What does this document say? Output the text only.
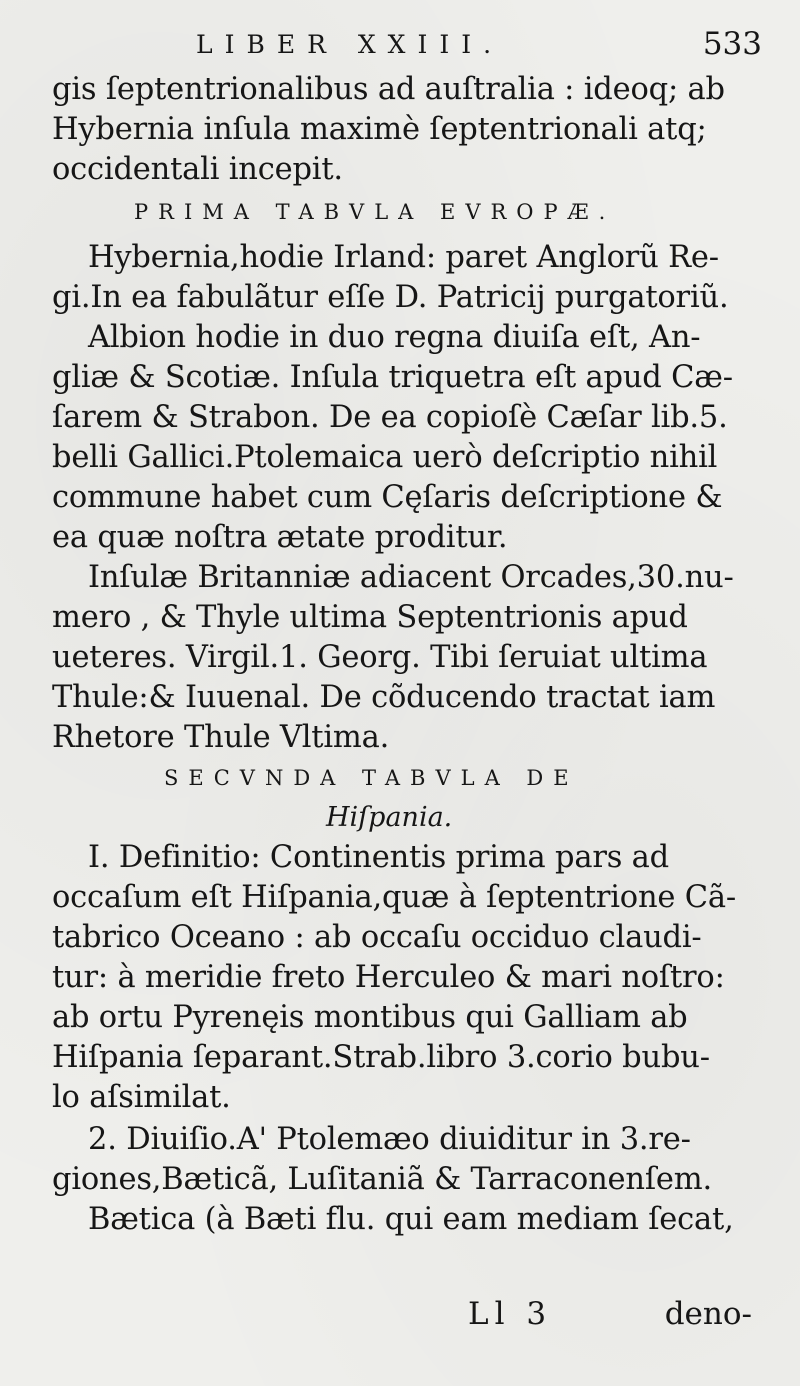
LIBER XXIII.	533
gis ſeptentrionalibus ad auſtralia : ideoq; ab
Hybernia inſula maximè ſeptentrionali atq;
occidentali incepit.
PRIMA TABVLA EVROPÆ.
Hybernia,hodie Irland: paret Anglorũ Re-
gi.In ea fabulãtur eſſe D. Patricij purgatoriũ.
Albion hodie in duo regna diuiſa eſt, An-
gliæ & Scotiæ. Inſula triquetra eſt apud Cæ-
ſarem & Strabon. De ea copioſè Cæſar lib.5.
belli Gallici.Ptolemaica uerò deſcriptio nihil
commune habet cum Cęſaris deſcriptione &
ea quæ noſtra ætate proditur.
Inſulæ Britanniæ adiacent Orcades,30.nu-
mero , & Thyle ultima Septentrionis apud
ueteres. Virgil.1. Georg. Tibi ſeruiat ultima
Thule:& Iuuenal. De cõducendo tractat iam
Rhetore Thule Vltima.
SECVNDA TABVLA DE
Hiſpania.
I. Definitio: Continentis prima pars ad
occaſum eſt Hiſpania,quæ à ſeptentrione Cã-
tabrico Oceano : ab occaſu occiduo claudi-
tur: à meridie freto Herculeo & mari noſtro:
ab ortu Pyrenęis montibus qui Galliam ab
Hiſpania ſeparant.Strab.libro 3.corio bubu-
lo aſsimilat.
2. Diuiſio.A' Ptolemæo diuiditur in 3.re-
giones,Bæticã, Luſitaniã & Tarraconenſem.
Bætica (à Bæti flu. qui eam mediam ſecat,
Ll 3	deno-
